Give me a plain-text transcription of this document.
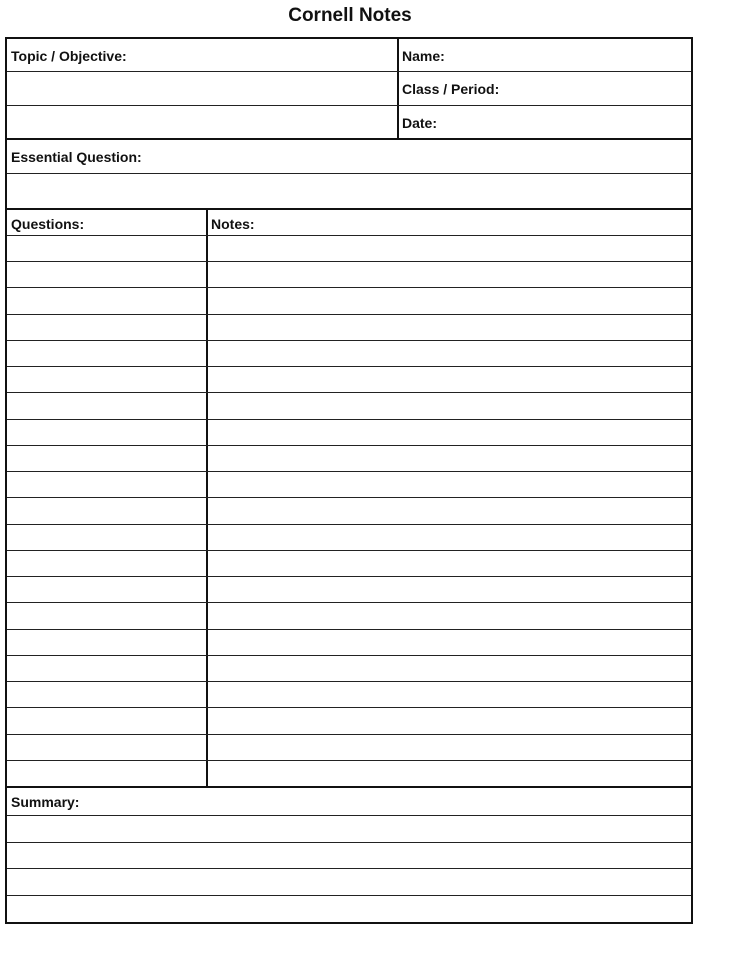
Cornell Notes
Topic / Objective:	Name:
Class / Period:
Date:
Essential Question:
Questions:	Notes:
Summary:
